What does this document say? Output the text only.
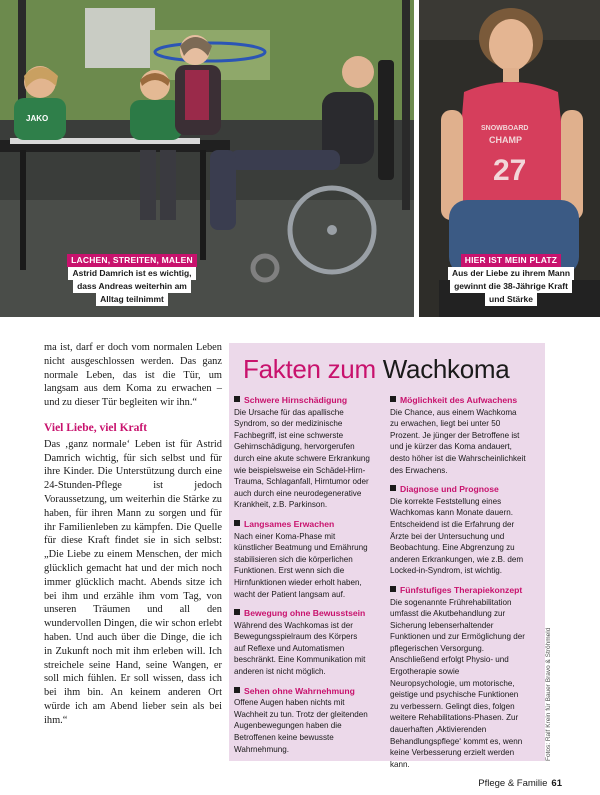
JAKO
LACHEN, STREITEN, MALEN
Astrid Damrich ist es wichtig,
dass Andreas weiterhin am
Alltag teilnimmt
SNOWBOARD
CHAMP
27
HIER IST MEIN PLATZ
Aus der Liebe zu ihrem Mann
gewinnt die 38-Jährige Kraft
und Stärke

ma ist, darf er doch vom normalen Leben nicht ausgeschlossen werden. Das ganz normale Leben, das ist die Tür, um langsam aus dem Koma zu erwachen – und zu dieser Tür begleiten wir ihn.“

Viel Liebe, viel Kraft

Das ‚ganz normale‘ Leben ist für Astrid Damrich wichtig, für sich selbst und für ihre Kinder. Die Unterstützung durch eine 24-Stunden-Pflege ist jedoch Voraussetzung, um weiterhin die Stärke zu haben, für ihren Mann zu sorgen und für ihr Familienleben zu kämpfen. Die Quelle für diese Kraft findet sie in sich selbst: „Die Liebe zu einem Menschen, der mich glücklich gemacht hat und der mich noch immer glücklich macht. Abends sitze ich bei ihm und erzähle ihm vom Tag, von unseren Träumen und all den wundervollen Dingen, die wir schon erlebt haben. Und auch über die Dinge, die ich in Zukunft noch mit ihm erleben will. Ich streichele seine Hand, seine Wangen, er soll mich fühlen. Er soll wissen, dass ich bei ihm bin. An keinem anderen Ort würde ich am Abend lieber sein als bei ihm.“

Fakten zum Wachkoma
Schwere Hirnschädigung

Die Ursache für das apallische Syndrom, so der medizinische Fachbegriff, ist eine schwerste Gehirnschädigung, hervorgerufen durch eine akute schwere Erkrankung wie beispielsweise ein Schädel-Hirn-Trauma, Schlaganfall, Hirntumor oder auch durch eine neurodegenerative Krankheit, z.B. Parkinson.

Langsames Erwachen

Nach einer Koma-Phase mit künstlicher Beatmung und Ernährung stabilisieren sich die körperlichen Funktionen. Erst wenn sich die Hirnfunktionen wieder erholt haben, wacht der Patient langsam auf.

Bewegung ohne Bewusstsein

Während des Wachkomas ist der Bewegungsspielraum des Körpers auf Reflexe und Automatismen beschränkt. Eine Kommunikation mit anderen ist nicht möglich.

Sehen ohne Wahrnehmung

Offene Augen haben nichts mit Wachheit zu tun. Trotz der gleitenden Augenbewegungen haben die Betroffenen keine bewusste Wahrnehmung.

Möglichkeit des Aufwachens

Die Chance, aus einem Wachkoma zu erwachen, liegt bei unter 50 Prozent. Je jünger der Betroffene ist und je kürzer das Koma andauert, desto höher ist die Wahrscheinlichkeit des Erwachens.

Diagnose und Prognose

Die korrekte Feststellung eines Wachkomas kann Monate dauern. Entscheidend ist die Erfahrung der Ärzte bei der Untersuchung und Beobachtung. Eine Abgrenzung zu anderen Erkrankungen, wie z.B. dem Locked-in-Syndrom, ist wichtig.

Fünfstufiges Therapiekonzept

Die sogenannte Frührehabilitation umfasst die Akutbehandlung zur Sicherung lebenserhaltender Funktionen und zur Ermöglichung der pflegerischen Versorgung. Anschließend erfolgt Physio- und Ergotherapie sowie Neuropsychologie, um motorische, geistige und psychische Funktionen zu verbessern. Gelingt dies, folgen weitere Rehabilitations-Phasen. Zur dauerhaften ‚Aktivierenden Behandlungspflege‘ kommt es, wenn keine Verbesserung erzielt werden kann.

Fotos: Ralf Krein für Bauer Bravo & Ströhmeld
Pflege & Familie 61
